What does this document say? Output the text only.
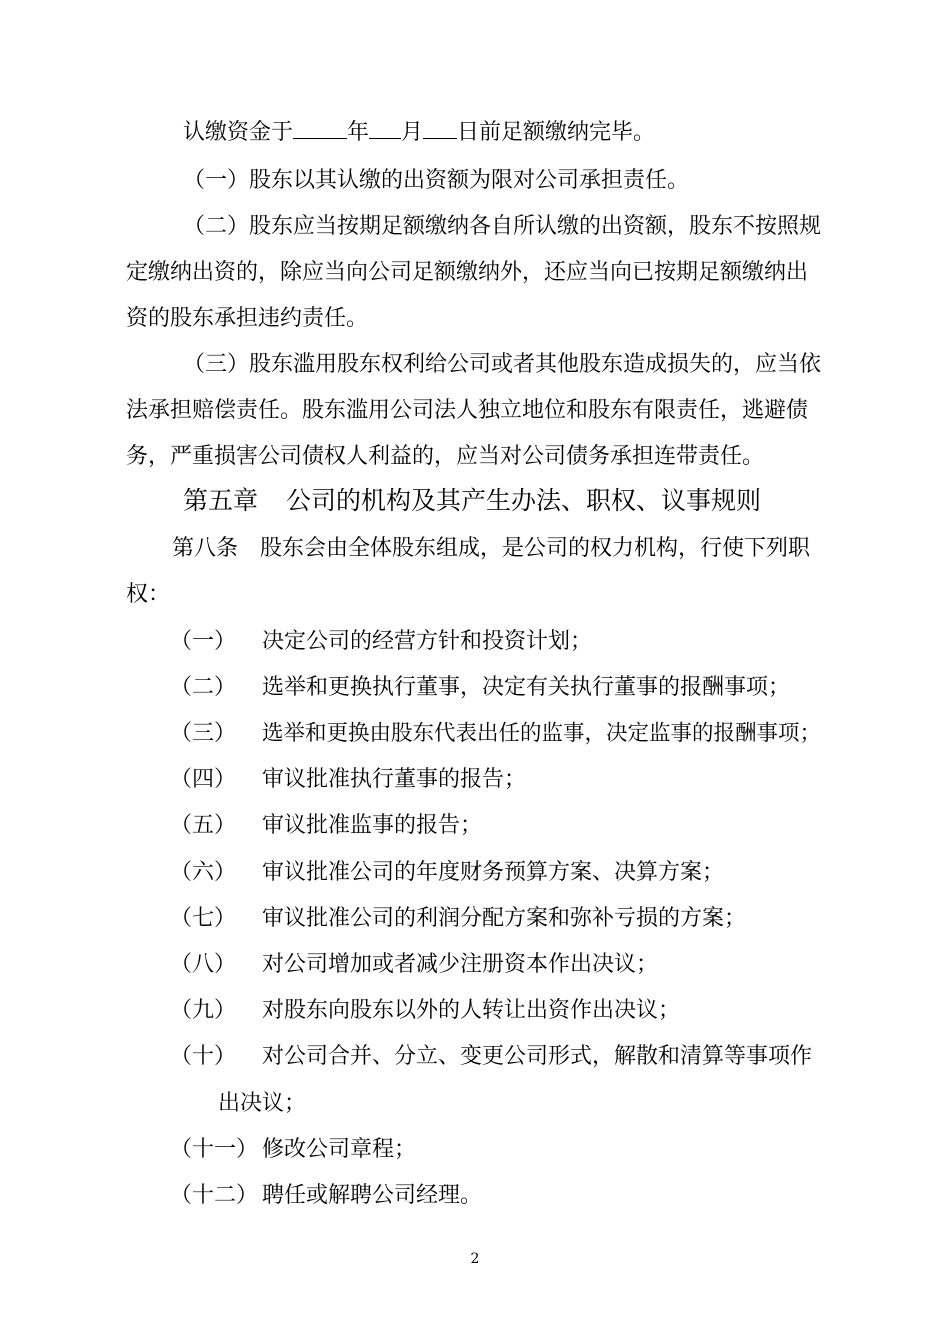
认缴资金于 年 月 日前足额缴纳完毕。
（一）股东以其认缴的出资额为限对公司承担责任。
（二）股东应当按期足额缴纳各自所认缴的出资额，股东不按照规
定缴纳出资的，除应当向公司足额缴纳外，还应当向已按期足额缴纳出
资的股东承担违约责任。
（三）股东滥用股东权利给公司或者其他股东造成损失的，应当依
法承担赔偿责任。股东滥用公司法人独立地位和股东有限责任，逃避债
务，严重损害公司债权人利益的，应当对公司债务承担连带责任。
第五章 公司的机构及其产生办法、职权、议事规则
第八条 股东会由全体股东组成，是公司的权力机构，行使下列职
权：
（一） 决定公司的经营方针和投资计划；
（二） 选举和更换执行董事，决定有关执行董事的报酬事项；
（三） 选举和更换由股东代表出任的监事，决定监事的报酬事项；
（四） 审议批准执行董事的报告；
（五） 审议批准监事的报告；
（六） 审议批准公司的年度财务预算方案、决算方案；
（七） 审议批准公司的利润分配方案和弥补亏损的方案；
（八） 对公司增加或者减少注册资本作出决议；
（九） 对股东向股东以外的人转让出资作出决议；
（十） 对公司合并、分立、变更公司形式，解散和清算等事项作
出决议；
（十一） 修改公司章程；
（十二） 聘任或解聘公司经理。
2
